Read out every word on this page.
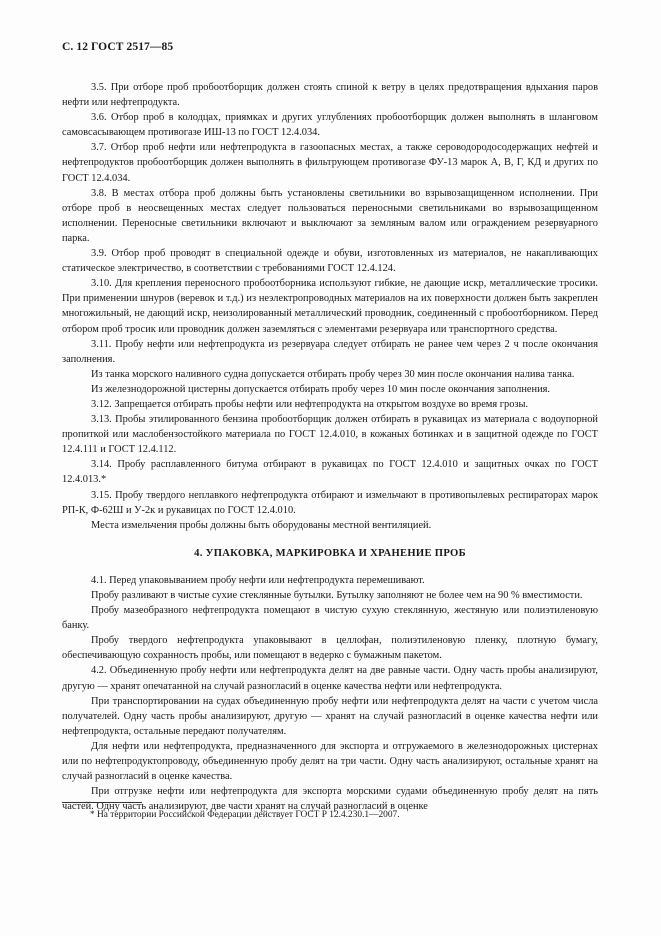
С. 12 ГОСТ 2517—85

3.5. При отборе проб пробоотборщик должен стоять спиной к ветру в целях предотвращения вдыхания паров нефти или нефтепродукта.

3.6. Отбор проб в колодцах, приямках и других углублениях пробоотборщик должен выполнять в шланговом самовсасывающем противогазе ИШ-13 по ГОСТ 12.4.034.

3.7. Отбор проб нефти или нефтепродукта в газоопасных местах, а также сероводородосодержащих нефтей и нефтепродуктов пробоотборщик должен выполнять в фильтрующем противогазе ФУ-13 марок А, В, Г, КД и других по ГОСТ 12.4.034.

3.8. В местах отбора проб должны быть установлены светильники во взрывозащищенном исполнении. При отборе проб в неосвещенных местах следует пользоваться переносными светильниками во взрывозащищенном исполнении. Переносные светильники включают и выключают за земляным валом или ограждением резервуарного парка.

3.9. Отбор проб проводят в специальной одежде и обуви, изготовленных из материалов, не накапливающих статическое электричество, в соответствии с требованиями ГОСТ 12.4.124.

3.10. Для крепления переносного пробоотборника используют гибкие, не дающие искр, металлические тросики. При применении шнуров (веревок и т.д.) из неэлектропроводных материалов на их поверхности должен быть закреплен многожильный, не дающий искр, неизолированный металлический проводник, соединенный с пробоотборником. Перед отбором проб тросик или проводник должен заземляться с элементами резервуара или транспортного средства.

3.11. Пробу нефти или нефтепродукта из резервуара следует отбирать не ранее чем через 2 ч после окончания заполнения.

Из танка морского наливного судна допускается отбирать пробу через 30 мин после окончания налива танка.

Из железнодорожной цистерны допускается отбирать пробу через 10 мин после окончания заполнения.

3.12. Запрещается отбирать пробы нефти или нефтепродукта на открытом воздухе во время грозы.

3.13. Пробы этилированного бензина пробоотборщик должен отбирать в рукавицах из материала с водоупорной пропиткой или маслобензостойкого материала по ГОСТ 12.4.010, в кожаных ботинках и в защитной одежде по ГОСТ 12.4.111 и ГОСТ 12.4.112.

3.14. Пробу расплавленного битума отбирают в рукавицах по ГОСТ 12.4.010 и защитных очках по ГОСТ 12.4.013.*

3.15. Пробу твердого неплавкого нефтепродукта отбирают и измельчают в противопылевых респираторах марок РП-К, Ф-62Ш и У-2к и рукавицах по ГОСТ 12.4.010.

Места измельчения пробы должны быть оборудованы местной вентиляцией.

4. УПАКОВКА, МАРКИРОВКА И ХРАНЕНИЕ ПРОБ

4.1. Перед упаковыванием пробу нефти или нефтепродукта перемешивают.

Пробу разливают в чистые сухие стеклянные бутылки. Бутылку заполняют не более чем на 90 % вместимости.

Пробу мазеобразного нефтепродукта помещают в чистую сухую стеклянную, жестяную или полиэтиленовую банку.

Пробу твердого нефтепродукта упаковывают в целлофан, полиэтиленовую пленку, плотную бумагу, обеспечивающую сохранность пробы, или помещают в ведерко с бумажным пакетом.

4.2. Объединенную пробу нефти или нефтепродукта делят на две равные части. Одну часть пробы анализируют, другую — хранят опечатанной на случай разногласий в оценке качества нефти или нефтепродукта.

При транспортировании на судах объединенную пробу нефти или нефтепродукта делят на части с учетом числа получателей. Одну часть пробы анализируют, другую — хранят на случай разногласий в оценке качества нефти или нефтепродукта, остальные передают получателям.

Для нефти или нефтепродукта, предназначенного для экспорта и отгружаемого в железнодорожных цистернах или по нефтепродуктопроводу, объединенную пробу делят на три части. Одну часть анализируют, остальные хранят на случай разногласий в оценке качества.

При отгрузке нефти или нефтепродукта для экспорта морскими судами объединенную пробу делят на пять частей. Одну часть анализируют, две части хранят на случай разногласий в оценке

* На территории Российской Федерации действует ГОСТ Р 12.4.230.1—2007.
